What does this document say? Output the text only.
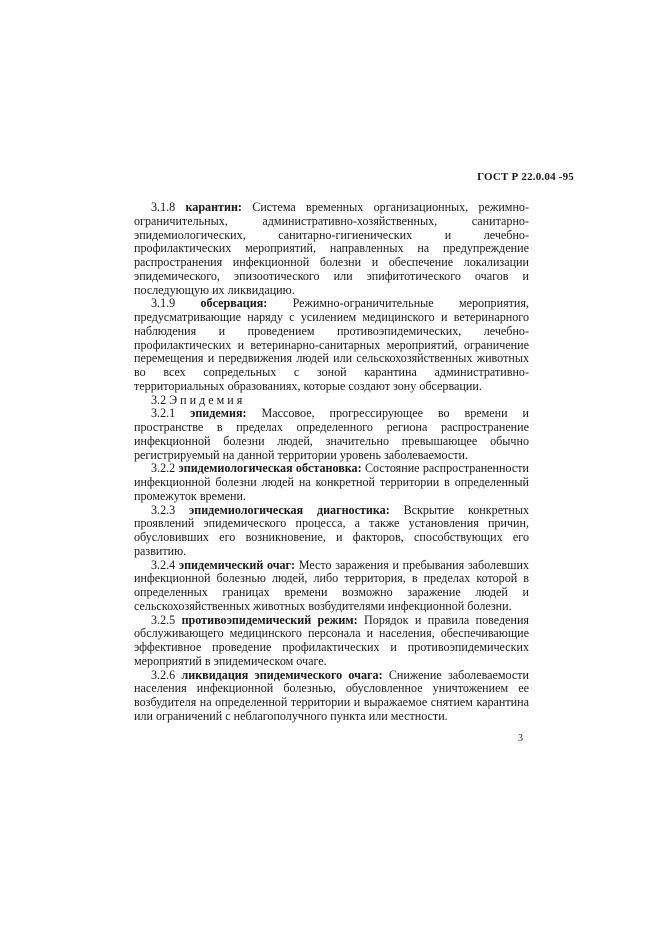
ГОСТ Р 22.0.04 -95

3.1.8 карантин: Система временных организационных, режимно-ограничительных, административно-хозяйственных, санитарно-эпидемиологических, санитарно-гигиенических и лечебно-профилактических мероприятий, направленных на предупреждение распространения инфекционной болезни и обеспечение локализации эпидемического, эпизоотического или эпифитотического очагов и последующую их ликвидацию.

3.1.9 обсервация: Режимно-ограничительные мероприятия, предусматривающие наряду с усилением медицинского и ветеринарного наблюдения и проведением противоэпидемических, лечебно-профилактических и ветеринарно-санитарных мероприятий, ограничение перемещения и передвижения людей или сельскохозяйственных животных во всех сопредельных с зоной карантина административно-территориальных образованиях, которые создают зону обсервации.

3.2 Эпидемия

3.2.1 эпидемия: Массовое, прогрессирующее во времени и пространстве в пределах определенного региона распространение инфекционной болезни людей, значительно превышающее обычно регистрируемый на данной территории уровень заболеваемости.

3.2.2 эпидемиологическая обстановка: Состояние распространенности инфекционной болезни людей на конкретной территории в определенный промежуток времени.

3.2.3 эпидемиологическая диагностика: Вскрытие конкретных проявлений эпидемического процесса, а также установления причин, обусловивших его возникновение, и факторов, способствующих его развитию.

3.2.4 эпидемический очаг: Место заражения и пребывания заболевших инфекционной болезнью людей, либо территория, в пределах которой в определенных границах времени возможно заражение людей и сельскохозяйственных животных возбудителями инфекционной болезни.

3.2.5 противоэпидемический режим: Порядок и правила поведения обслуживающего медицинского персонала и населения, обеспечивающие эффективное проведение профилактических и противоэпидемических мероприятий в эпидемическом очаге.

3.2.6 ликвидация эпидемического очага: Снижение заболеваемости населения инфекционной болезнью, обусловленное уничтожением ее возбудителя на определенной территории и выражаемое снятием карантина или ограничений с неблагополучного пункта или местности.

3
